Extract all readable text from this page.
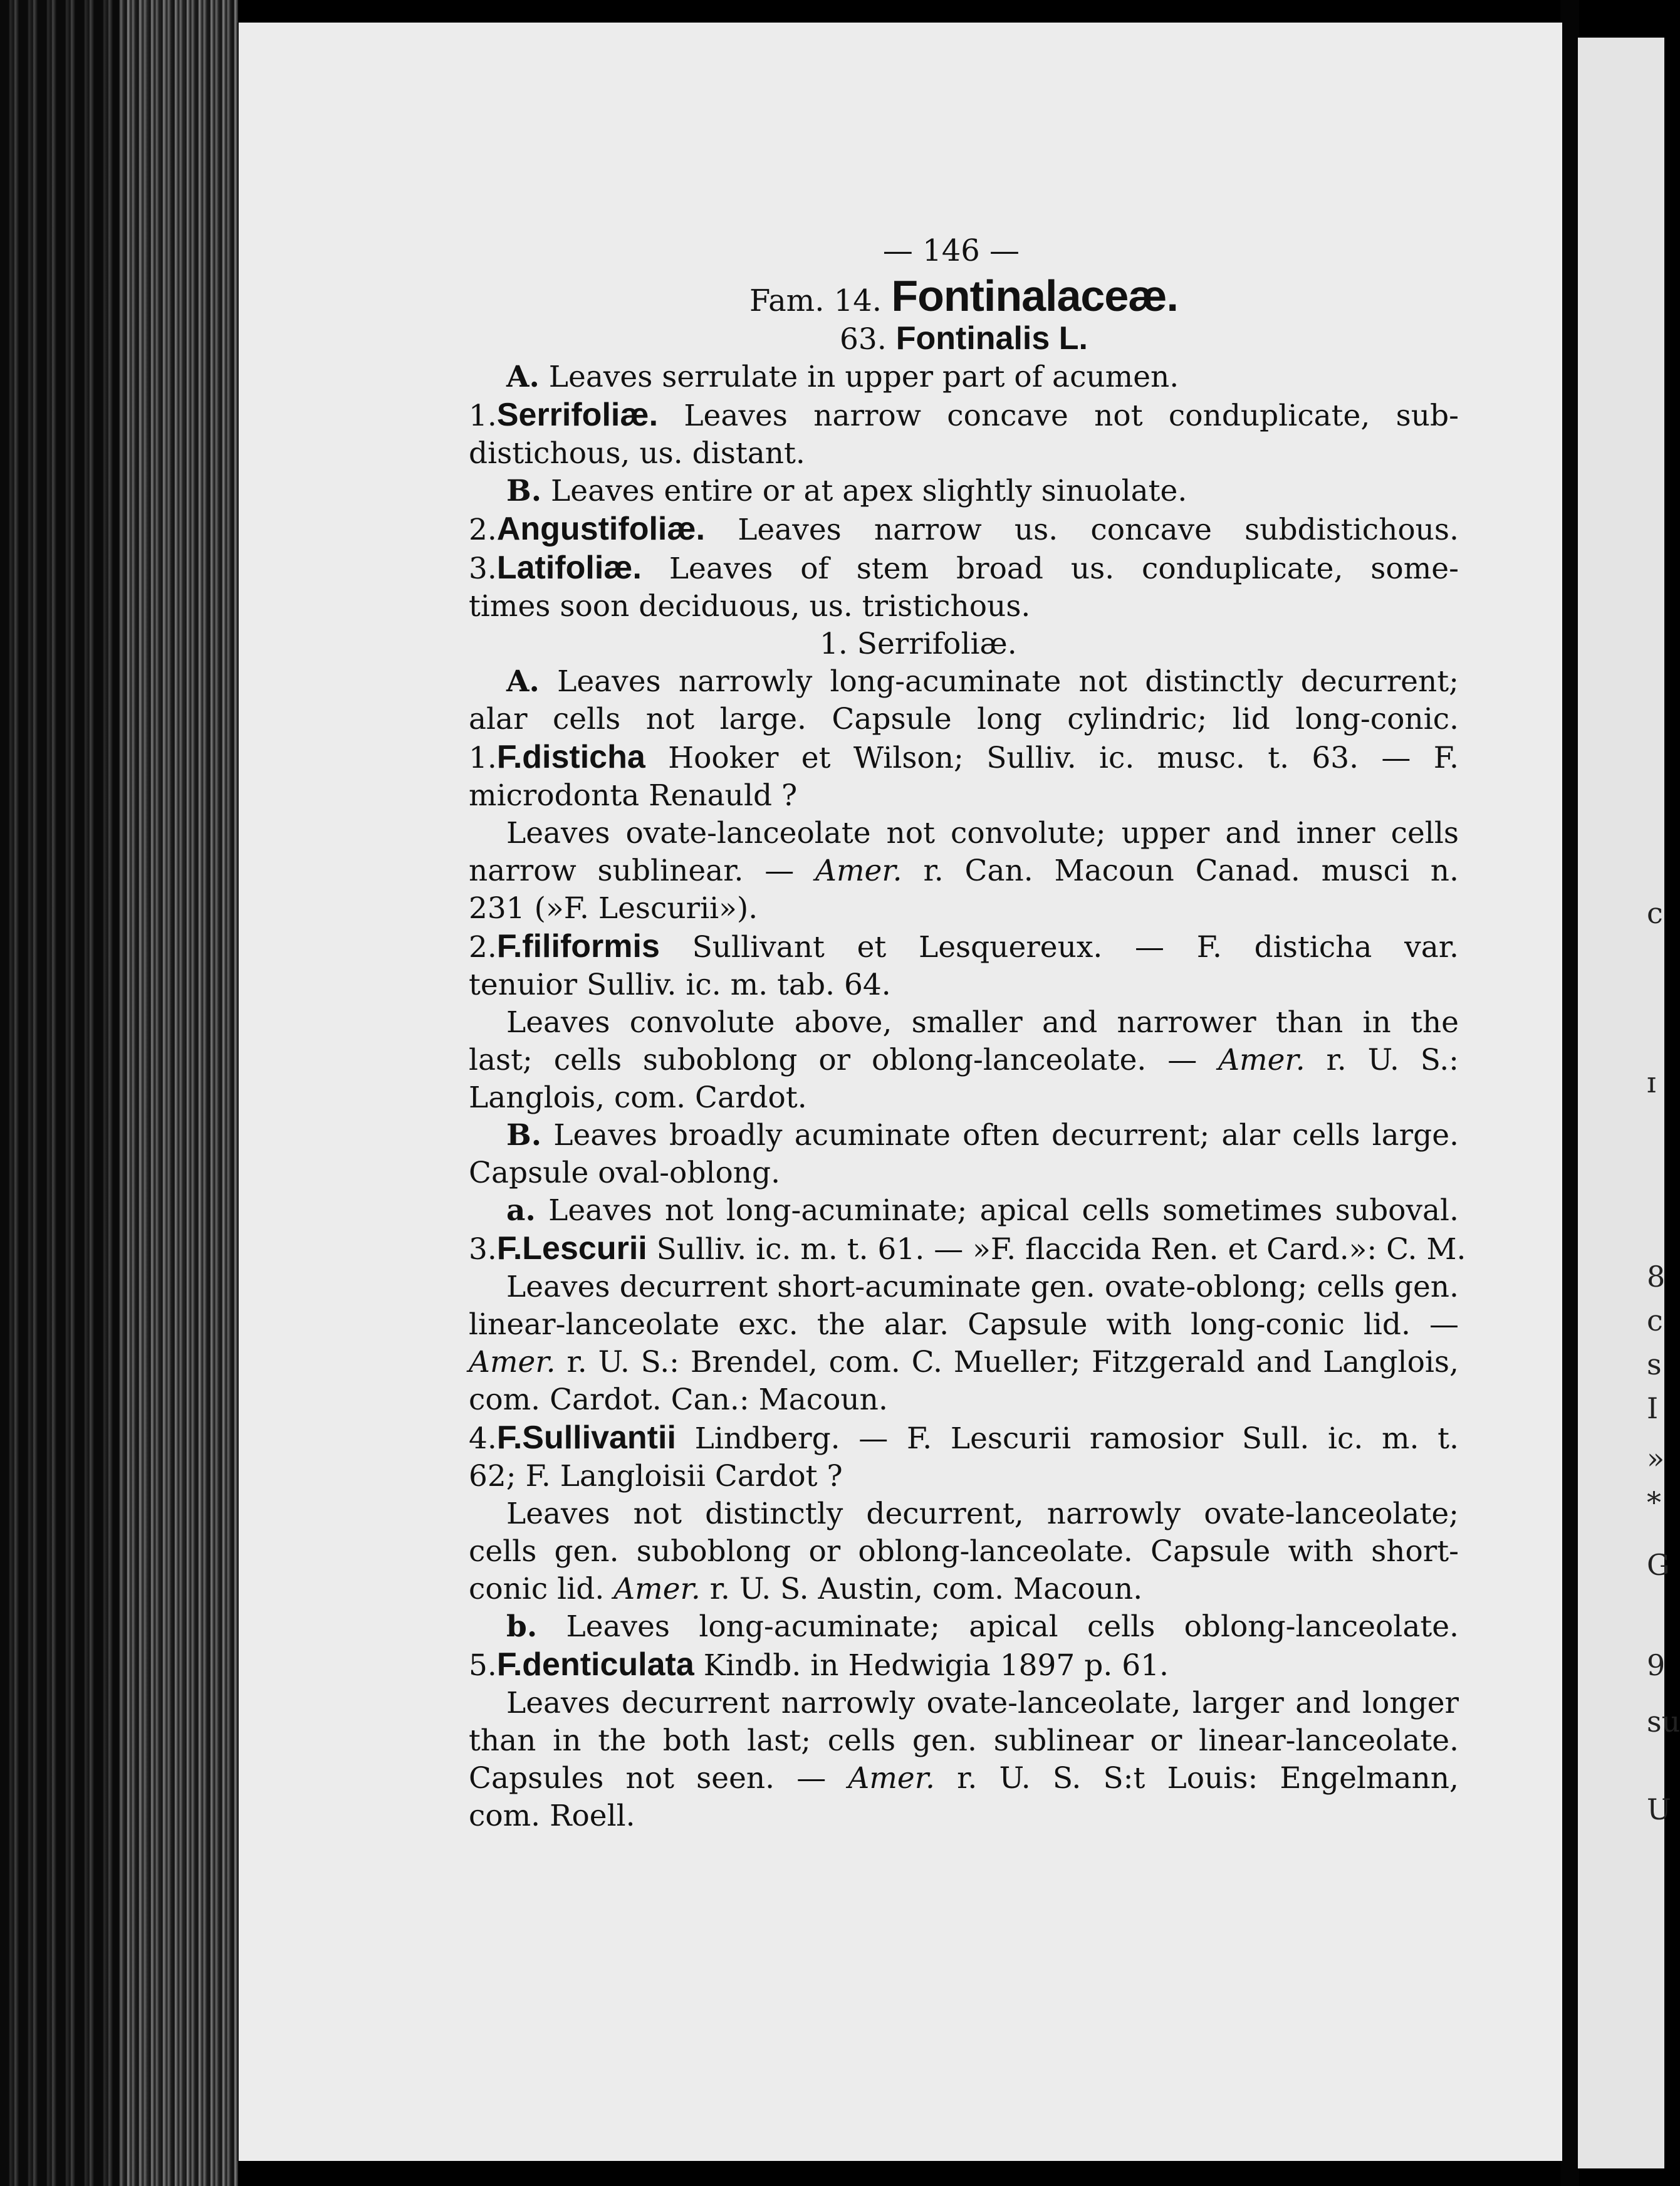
— 146 —
Fam. 14. Fontinalaceæ.
63. Fontinalis L.
A. Leaves serrulate in upper part of acumen.
1.Serrifoliæ. Leaves narrow concave not conduplicate, sub-
distichous, us. distant.
B. Leaves entire or at apex slightly sinuolate.
2.Angustifoliæ. Leaves narrow us. concave subdistichous.
3.Latifoliæ. Leaves of stem broad us. conduplicate, some-
times soon deciduous, us. tristichous.
1. Serrifoliæ.
A. Leaves narrowly long-acuminate not distinctly decurrent;
alar cells not large. Capsule long cylindric; lid long-conic.
1.F.disticha Hooker et Wilson; Sulliv. ic. musc. t. 63. — F.
microdonta Renauld ?
Leaves ovate-lanceolate not convolute; upper and inner cells
narrow sublinear. — Amer. r. Can. Macoun Canad. musci n.
231 (»F. Lescurii»).
2.F.filiformis Sullivant et Lesquereux. — F. disticha var.
tenuior Sulliv. ic. m. tab. 64.
Leaves convolute above, smaller and narrower than in the
last; cells suboblong or oblong-lanceolate. — Amer. r. U. S.:
Langlois, com. Cardot.
B. Leaves broadly acuminate often decurrent; alar cells large.
Capsule oval-oblong.
a. Leaves not long-acuminate; apical cells sometimes suboval.
3.F.Lescurii Sulliv. ic. m. t. 61. — »F. flaccida Ren. et Card.»: C. M.
Leaves decurrent short-acuminate gen. ovate-oblong; cells gen.
linear-lanceolate exc. the alar. Capsule with long-conic lid. —
Amer. r. U. S.: Brendel, com. C. Mueller; Fitzgerald and Langlois,
com. Cardot. Can.: Macoun.
4.F.Sullivantii Lindberg. — F. Lescurii ramosior Sull. ic. m. t.
62; F. Langloisii Cardot ?
Leaves not distinctly decurrent, narrowly ovate-lanceolate;
cells gen. suboblong or oblong-lanceolate. Capsule with short-
conic lid. Amer. r. U. S. Austin, com. Macoun.
b. Leaves long-acuminate; apical cells oblong-lanceolate.
5.F.denticulata Kindb. in Hedwigia 1897 p. 61.
Leaves decurrent narrowly ovate-lanceolate, larger and longer
than in the both last; cells gen. sublinear or linear-lanceolate.
Capsules not seen. — Amer. r. U. S. S:t Louis: Engelmann,
com. Roell.
c
ɪ
8
c
s
I
»
*
G
9
su
U
